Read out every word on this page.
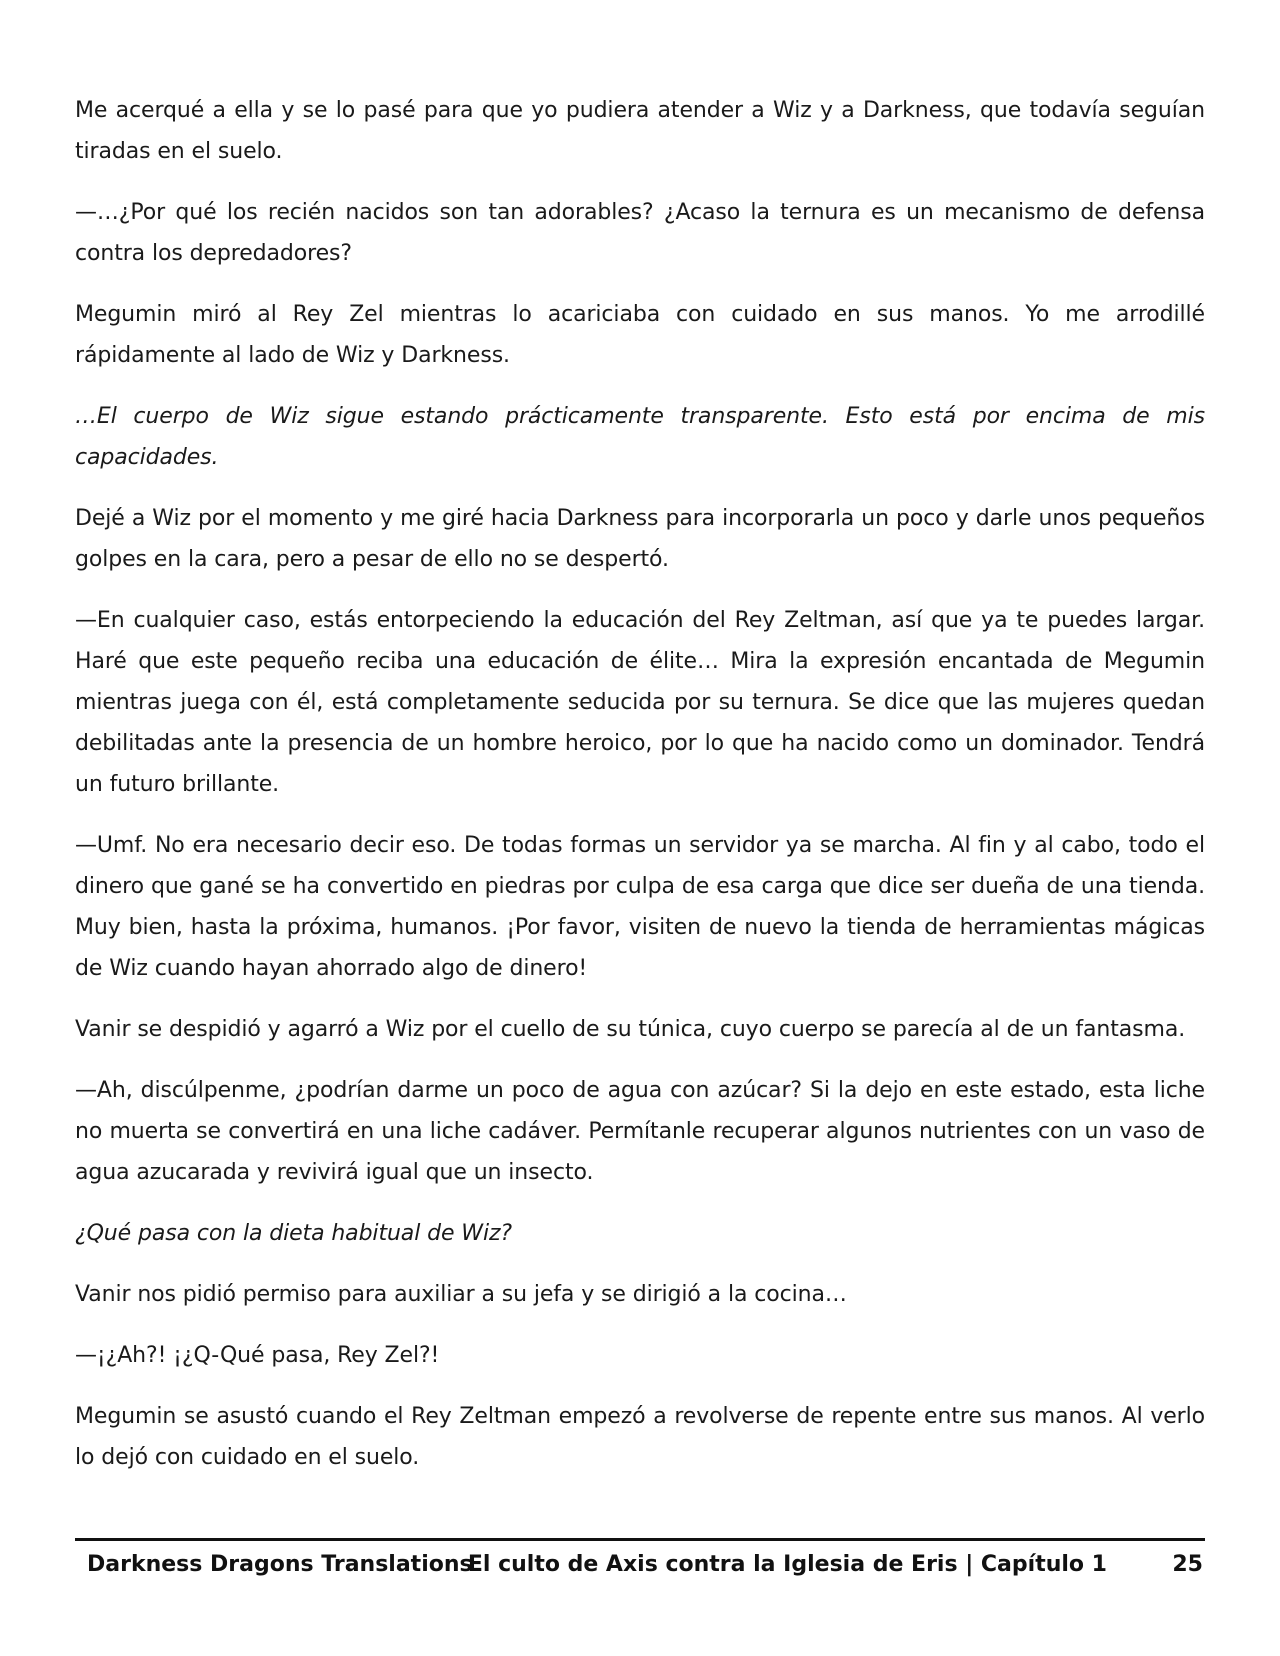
Me acerqué a ella y se lo pasé para que yo pudiera atender a Wiz y a Darkness, que todavía seguían tiradas en el suelo.

—…¿Por qué los recién nacidos son tan adorables? ¿Acaso la ternura es un mecanismo de defensa contra los depredadores?

Megumin miró al Rey Zel mientras lo acariciaba con cuidado en sus manos. Yo me arrodillé rápidamente al lado de Wiz y Darkness.

…El cuerpo de Wiz sigue estando prácticamente transparente. Esto está por encima de mis capacidades.

Dejé a Wiz por el momento y me giré hacia Darkness para incorporarla un poco y darle unos pequeños golpes en la cara, pero a pesar de ello no se despertó.

—En cualquier caso, estás entorpeciendo la educación del Rey Zeltman, así que ya te puedes largar. Haré que este pequeño reciba una educación de élite… Mira la expresión encantada de Megumin mientras juega con él, está completamente seducida por su ternura. Se dice que las mujeres quedan debilitadas ante la presencia de un hombre heroico, por lo que ha nacido como un dominador. Tendrá un futuro brillante.

—Umf. No era necesario decir eso. De todas formas un servidor ya se marcha. Al fin y al cabo, todo el dinero que gané se ha convertido en piedras por culpa de esa carga que dice ser dueña de una tienda. Muy bien, hasta la próxima, humanos. ¡Por favor, visiten de nuevo la tienda de herramientas mágicas de Wiz cuando hayan ahorrado algo de dinero!

Vanir se despidió y agarró a Wiz por el cuello de su túnica, cuyo cuerpo se parecía al de un fantasma.

—Ah, discúlpenme, ¿podrían darme un poco de agua con azúcar? Si la dejo en este estado, esta liche no muerta se convertirá en una liche cadáver. Permítanle recuperar algunos nutrientes con un vaso de agua azucarada y revivirá igual que un insecto.

¿Qué pasa con la dieta habitual de Wiz?

Vanir nos pidió permiso para auxiliar a su jefa y se dirigió a la cocina…

—¡¿Ah?! ¡¿Q-Qué pasa, Rey Zel?!

Megumin se asustó cuando el Rey Zeltman empezó a revolverse de repente entre sus manos. Al verlo lo dejó con cuidado en el suelo.

Darkness Dragons Translations
El culto de Axis contra la Iglesia de Eris | Capítulo 1	25
